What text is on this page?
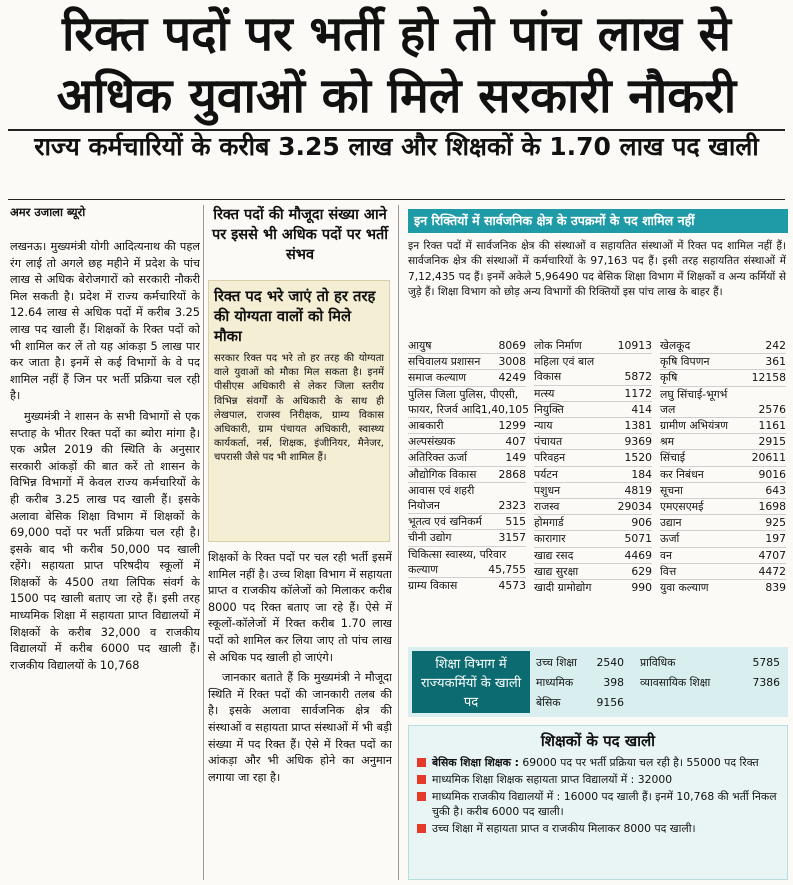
रिक्त पदों पर भर्ती हो तो पांच लाख से
अधिक युवाओं को मिले सरकारी नौकरी
राज्य कर्मचारियों के करीब 3.25 लाख और शिक्षकों के 1.70 लाख पद खाली
अमर उजाला ब्यूरो

लखनऊ। मुख्यमंत्री योगी आदित्यनाथ की पहल रंग लाई तो अगले छह महीने में प्रदेश के पांच लाख से अधिक बेरोजगारों को सरकारी नौकरी मिल सकती है। प्रदेश में राज्य कर्मचारियों के 12.64 लाख से अधिक पदों में करीब 3.25 लाख पद खाली हैं। शिक्षकों के रिक्त पदों को भी शामिल कर लें तो यह आंकड़ा 5 लाख पार कर जाता है। इनमें से कई विभागों के वे पद शामिल नहीं हैं जिन पर भर्ती प्रक्रिया चल रही है।

मुख्यमंत्री ने शासन के सभी विभागों से एक सप्ताह के भीतर रिक्त पदों का ब्योरा मांगा है। एक अप्रैल 2019 की स्थिति के अनुसार सरकारी आंकड़ों की बात करें तो शासन के विभिन्न विभागों में केवल राज्य कर्मचारियों के ही करीब 3.25 लाख पद खाली हैं। इसके अलावा बेसिक शिक्षा विभाग में शिक्षकों के 69,000 पदों पर भर्ती प्रक्रिया चल रही है। इसके बाद भी करीब 50,000 पद खाली रहेंगे। सहायता प्राप्त परिषदीय स्कूलों में शिक्षकों के 4500 तथा लिपिक संवर्ग के 1500 पद खाली बताए जा रहे हैं। इसी तरह माध्यमिक शिक्षा में सहायता प्राप्त विद्यालयों में शिक्षकों के करीब 32,000 व राजकीय विद्यालयों में करीब 6000 पद खाली हैं। राजकीय विद्यालयों के 10,768

रिक्त पदों की मौजूदा संख्या आने पर इससे भी अधिक पदों पर भर्ती संभव
रिक्त पद भरे जाएं तो हर तरह की योग्यता वालों को मिले मौका
सरकार रिक्त पद भरे तो हर तरह की योग्यता वाले युवाओं को मौका मिल सकता है। इनमें पीसीएस अधिकारी से लेकर जिला स्तरीय विभिन्न संवर्गों के अधिकारी के साथ ही लेखपाल, राजस्व निरीक्षक, ग्राम्य विकास अधिकारी, ग्राम पंचायत अधिकारी, स्वास्थ्य कार्यकर्ता, नर्स, शिक्षक, इंजीनियर, मैनेजर, चपरासी जैसे पद भी शामिल हैं।

शिक्षकों के रिक्त पदों पर चल रही भर्ती इसमें शामिल नहीं है। उच्च शिक्षा विभाग में सहायता प्राप्त व राजकीय कॉलेजों को मिलाकर करीब 8000 पद रिक्त बताए जा रहे हैं। ऐसे में स्कूलों-कॉलेजों में रिक्त करीब 1.70 लाख पदों को शामिल कर लिया जाए तो पांच लाख से अधिक पद खाली हो जाएंगे।

जानकार बताते हैं कि मुख्यमंत्री ने मौजूदा स्थिति में रिक्त पदों की जानकारी तलब की है। इसके अलावा सार्वजनिक क्षेत्र की संस्थाओं व सहायता प्राप्त संस्थाओं में भी बड़ी संख्या में पद रिक्त हैं। ऐसे में रिक्त पदों का आंकड़ा और भी अधिक होने का अनुमान लगाया जा रहा है।

इन रिक्तियों में सार्वजनिक क्षेत्र के उपक्रमों के पद शामिल नहीं
इन रिक्त पदों में सार्वजनिक क्षेत्र की संस्थाओं व सहायतित संस्थाओं में रिक्त पद शामिल नहीं हैं। सार्वजनिक क्षेत्र की संस्थाओं में कर्मचारियों के 97,163 पद हैं। इसी तरह सहायतित संस्थाओं में 7,12,435 पद हैं। इनमें अकेले 5,96490 पद बेसिक शिक्षा विभाग में शिक्षकों व अन्य कर्मियों से जुड़े हैं। शिक्षा विभाग को छोड़ अन्य विभागों की रिक्तियों इस पांच लाख के बाहर हैं।
आयुष	8069
सचिवालय प्रशासन 3008
समाज कल्याण	4249
पुलिस जिला पुलिस, पीएसी,
फायर, रिजर्व आदि 1,40,105
आबकारी	1299
अल्पसंख्यक	407
अतिरिक्त ऊर्जा	149
औद्योगिक विकास 2868
आवास एवं शहरी
नियोजन	2323
भूतत्व एवं खनिकर्म 515
चीनी उद्योग	3157
चिकित्सा स्वास्थ्य, परिवार
कल्याण	45,755
ग्राम्य विकास	4573
लोक निर्माण	10913
महिला एवं बाल
विकास	5872
मत्स्य	1172
नियुक्ति	414
न्याय	1381
पंचायत	9369
परिवहन	1520
पर्यटन	184
पशुधन	4819
राजस्व	29034
होमगार्ड	906
कारागार	5071
खाद्य रसद	4469
खाद्य सुरक्षा	629
खादी ग्रामोद्योग	990
खेलकूद	242
कृषि विपणन	361
कृषि	12158
लघु सिंचाई-भूगर्भ
जल	2576
ग्रामीण अभियंत्रण	1161
श्रम	2915
सिंचाई	20611
कर निबंधन	9016
सूचना	643
एमएसएमई	1698
उद्यान	925
ऊर्जा	197
वन	4707
वित्त	4472
युवा कल्याण	839
शिक्षा विभाग में राज्यकर्मियों के खाली पद
उच्च शिक्षा 2540
माध्यमिक	398
बेसिक	9156
प्राविधिक	5785
व्यावसायिक शिक्षा	7386
शिक्षकों के पद खाली
बेसिक शिक्षा शिक्षक : 69000 पद पर भर्ती प्रक्रिया चल रही है। 55000 पद रिक्त
माध्यमिक शिक्षा शिक्षक सहायता प्राप्त विद्यालयों में : 32000
माध्यमिक राजकीय विद्यालयों में : 16000 पद खाली हैं। इनमें 10,768 की भर्ती निकल चुकी है। करीब 6000 पद खाली।
उच्च शिक्षा में सहायता प्राप्त व राजकीय मिलाकर 8000 पद खाली।
